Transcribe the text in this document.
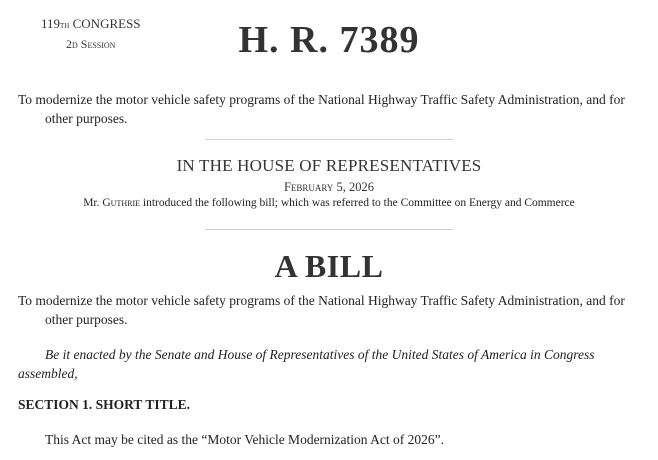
119th CONGRESS
2d Session	H. R. 7389
To modernize the motor vehicle safety programs of the National Highway Traffic Safety Administration, and for
other purposes.
IN THE HOUSE OF REPRESENTATIVES
February 5, 2026
Mr. Guthrie introduced the following bill; which was referred to the Committee on Energy and Commerce
A BILL
To modernize the motor vehicle safety programs of the National Highway Traffic Safety Administration, and for
other purposes.
Be it enacted by the Senate and House of Representatives of the United States of America in Congress
assembled,
SECTION 1. SHORT TITLE.
This Act may be cited as the “Motor Vehicle Modernization Act of 2026”.
